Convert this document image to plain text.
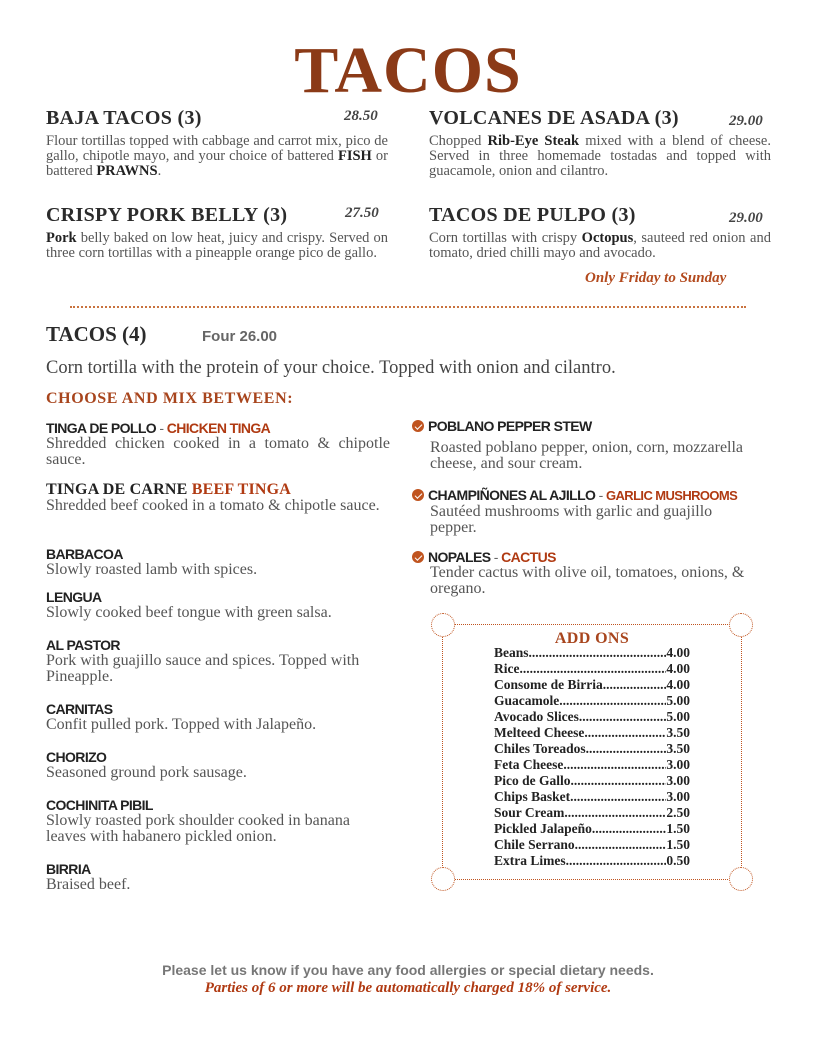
TACOS
BAJA TACOS (3)	28.50
Flour tortillas topped with cabbage and carrot mix, pico de gallo, chipotle mayo, and your choice of battered FISH or battered PRAWNS.
VOLCANES DE ASADA (3)	29.00
Chopped Rib-Eye Steak mixed with a blend of cheese. Served in three homemade tostadas and topped with guacamole, onion and cilantro.
CRISPY PORK BELLY (3)	27.50
Pork belly baked on low heat, juicy and crispy. Served on three corn tortillas with a pineapple orange pico de gallo.
TACOS DE PULPO (3)	29.00
Corn tortillas with crispy Octopus, sauteed red onion and tomato, dried chilli mayo and avocado.
Only Friday to Sunday
TACOS (4)	Four 26.00
Corn tortilla with the protein of your choice. Topped with onion and cilantro.
CHOOSE AND MIX BETWEEN:
TINGA DE POLLO - CHICKEN TINGA
Shredded chicken cooked in a tomato & chipotle sauce.
TINGA DE CARNE BEEF TINGA
Shredded beef cooked in a tomato & chipotle sauce.
BARBACOA
Slowly roasted lamb with spices.
LENGUA
Slowly cooked beef tongue with green salsa.
AL PASTOR
Pork with guajillo sauce and spices. Topped with Pineapple.
CARNITAS
Confit pulled pork. Topped with Jalapeño.
CHORIZO
Seasoned ground pork sausage.
COCHINITA PIBIL
Slowly roasted pork shoulder cooked in banana leaves with habanero pickled onion.
BIRRIA
Braised beef.
POBLANO PEPPER STEW
Roasted poblano pepper, onion, corn, mozzarella cheese, and sour cream.
CHAMPIÑONES AL AJILLO - GARLIC MUSHROOMS
Sautéed mushrooms with garlic and guajillo pepper.
NOPALES - CACTUS
Tender cactus with olive oil, tomatoes, onions, & oregano.
ADD ONS
Beans .....	4.00
Rice .....	4.00
Consome de Birria .....	4.00
Guacamole .....	5.00
Avocado Slices .....	5.00
Melteed Cheese .....	3.50
Chiles Toreados .....	3.50
Feta Cheese .....	3.00
Pico de Gallo .....	3.00
Chips Basket .....	3.00
Sour Cream .....	2.50
Pickled Jalapeño .....	1.50
Chile Serrano .....	1.50
Extra Limes .....	0.50
Please let us know if you have any food allergies or special dietary needs.
Parties of 6 or more will be automatically charged 18% of service.
